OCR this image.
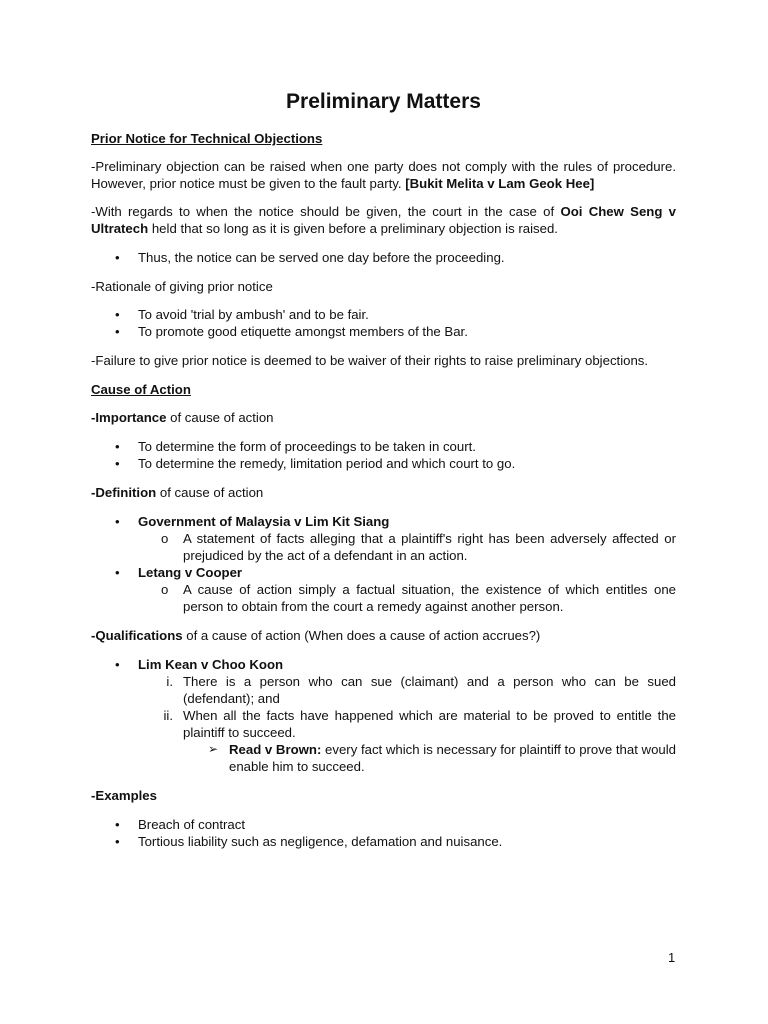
Preliminary Matters

Prior Notice for Technical Objections

-Preliminary objection can be raised when one party does not comply with the rules of procedure. However, prior notice must be given to the fault party. [Bukit Melita v Lam Geok Hee]

-With regards to when the notice should be given, the court in the case of Ooi Chew Seng v Ultratech held that so long as it is given before a preliminary objection is raised.

• Thus, the notice can be served one day before the proceeding.

-Rationale of giving prior notice

• To avoid 'trial by ambush' and to be fair.
• To promote good etiquette amongst members of the Bar.

-Failure to give prior notice is deemed to be waiver of their rights to raise preliminary objections.

Cause of Action

-Importance of cause of action

• To determine the form of proceedings to be taken in court.
• To determine the remedy, limitation period and which court to go.

-Definition of cause of action

• Government of Malaysia v Lim Kit Siang
o A statement of facts alleging that a plaintiff's right has been adversely affected or prejudiced by the act of a defendant in an action.
• Letang v Cooper
o A cause of action simply a factual situation, the existence of which entitles one person to obtain from the court a remedy against another person.

-Qualifications of a cause of action (When does a cause of action accrues?)

• Lim Kean v Choo Koon
i. There is a person who can sue (claimant) and a person who can be sued (defendant); and
ii. When all the facts have happened which are material to be proved to entitle the plaintiff to succeed.
➢ Read v Brown: every fact which is necessary for plaintiff to prove that would enable him to succeed.

-Examples

• Breach of contract
• Tortious liability such as negligence, defamation and nuisance.
1
